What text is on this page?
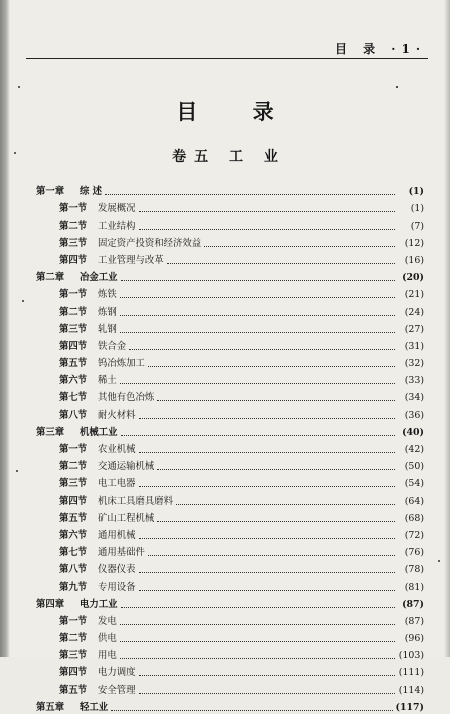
目 录 ·1·
目 录
卷五 工 业
第一章	综 述	(1)
第一节	发展概况	(1)
第二节	工业结构	(7)
第三节	固定资产投资和经济效益	(12)
第四节	工业管理与改革	(16)
第二章	冶金工业	(20)
第一节	炼铁	(21)
第二节	炼钢	(24)
第三节	轧钢	(27)
第四节	铁合金	(31)
第五节	钨冶炼加工	(32)
第六节	稀土	(33)
第七节	其他有色冶炼	(34)
第八节	耐火材料	(36)
第三章	机械工业	(40)
第一节	农业机械	(42)
第二节	交通运输机械	(50)
第三节	电工电器	(54)
第四节	机床工具磨具磨料	(64)
第五节	矿山工程机械	(68)
第六节	通用机械	(72)
第七节	通用基础件	(76)
第八节	仪器仪表	(78)
第九节	专用设备	(81)
第四章	电力工业	(87)
第一节	发电	(87)
第二节	供电	(96)
第三节	用电	(103)
第四节	电力调度	(111)
第五节	安全管理	(114)
第五章	轻工业	(117)
